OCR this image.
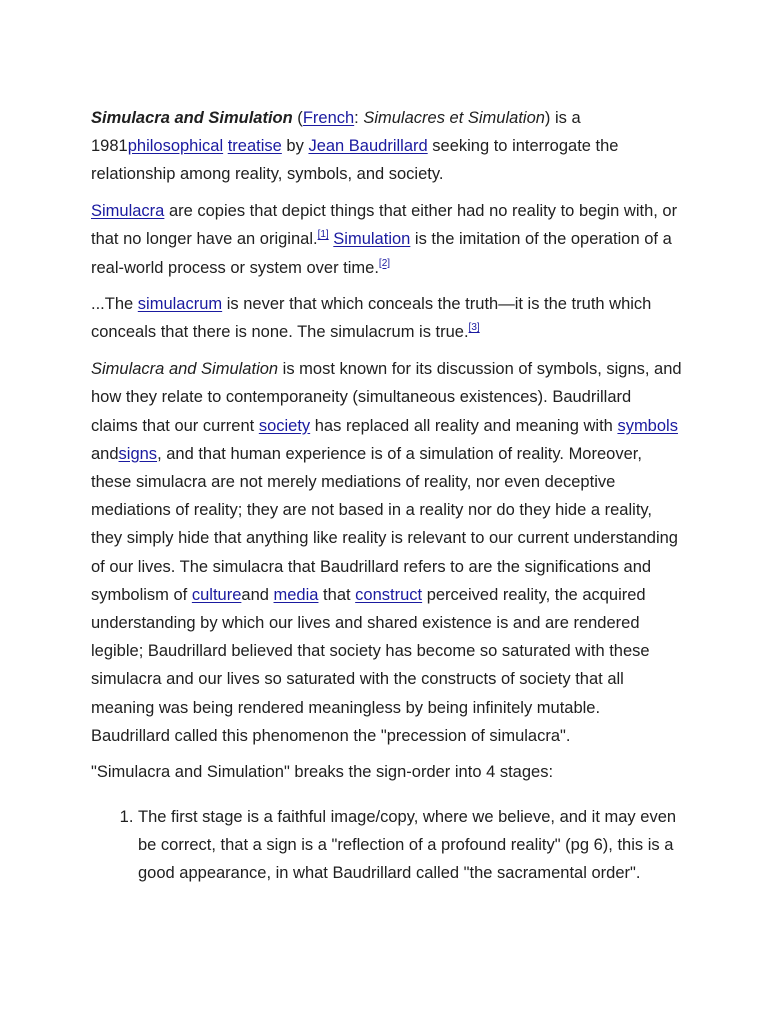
Simulacra and Simulation (French: Simulacres et Simulation) is a 1981philosophical treatise by Jean Baudrillard seeking to interrogate the relationship among reality, symbols, and society.

Simulacra are copies that depict things that either had no reality to begin with, or that no longer have an original.[1] Simulation is the imitation of the operation of a real-world process or system over time.[2]

...The simulacrum is never that which conceals the truth—it is the truth which conceals that there is none. The simulacrum is true.[3]

Simulacra and Simulation is most known for its discussion of symbols, signs, and how they relate to contemporaneity (simultaneous existences). Baudrillard claims that our current society has replaced all reality and meaning with symbols andsigns, and that human experience is of a simulation of reality. Moreover, these simulacra are not merely mediations of reality, nor even deceptive mediations of reality; they are not based in a reality nor do they hide a reality, they simply hide that anything like reality is relevant to our current understanding of our lives. The simulacra that Baudrillard refers to are the significations and symbolism of cultureand media that construct perceived reality, the acquired understanding by which our lives and shared existence is and are rendered legible; Baudrillard believed that society has become so saturated with these simulacra and our lives so saturated with the constructs of society that all meaning was being rendered meaningless by being infinitely mutable. Baudrillard called this phenomenon the "precession of simulacra".

"Simulacra and Simulation" breaks the sign-order into 4 stages:

1. The first stage is a faithful image/copy, where we believe, and it may even be correct, that a sign is a "reflection of a profound reality" (pg 6), this is a good appearance, in what Baudrillard called "the sacramental order".
